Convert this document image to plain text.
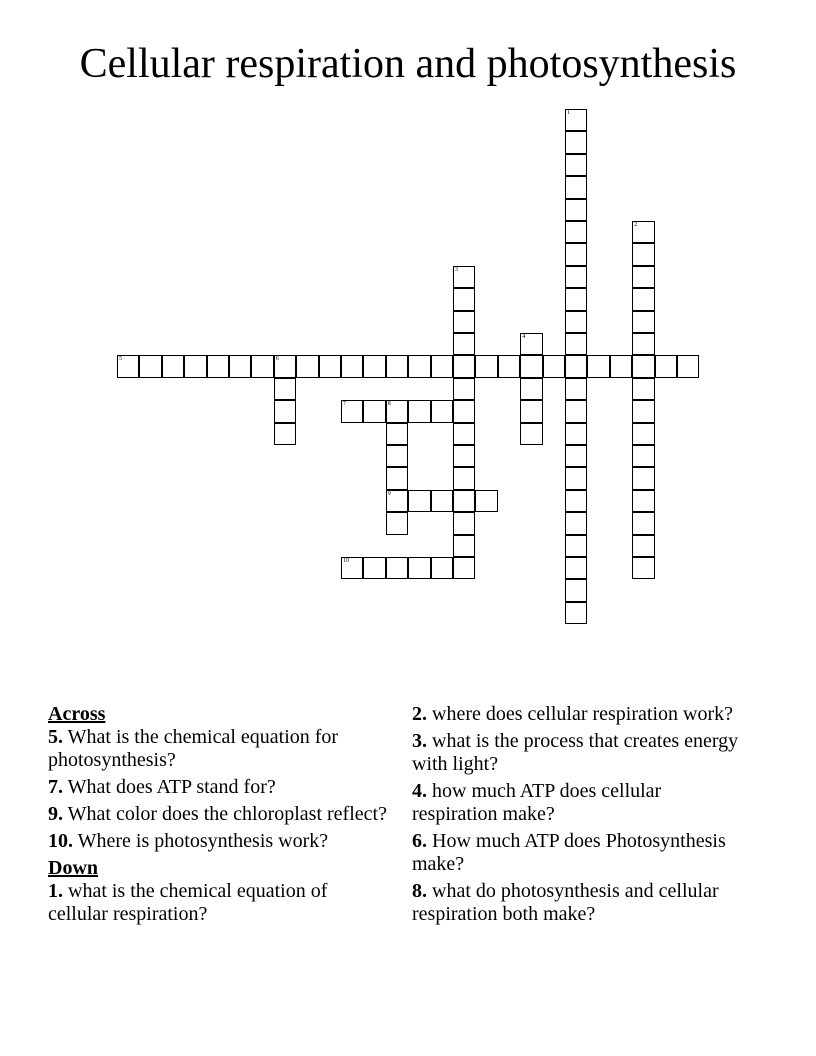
Cellular respiration and photosynthesis
1
2
3
4
5	6
7	8
9
10

Across

5. What is the chemical equation for photosynthesis?

7. What does ATP stand for?

9. What color does the chloroplast reflect?

10. Where is photosynthesis work?

Down

1. what is the chemical equation of cellular respiration?

2. where does cellular respiration work?

3. what is the process that creates energy with light?

4. how much ATP does cellular respiration make?

6. How much ATP does Photosynthesis make?

8. what do photosynthesis and cellular respiration both make?
